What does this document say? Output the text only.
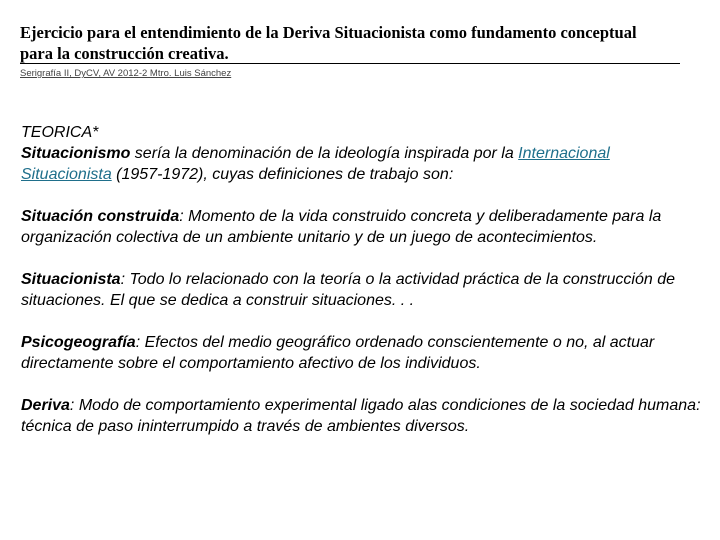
Ejercicio para el entendimiento de la Deriva Situacionista como fundamento conceptual
para la construcción creativa.
Serigrafía II, DyCV, AV 2012-2 Mtro. Luis Sánchez

TEORICA*
Situacionismo sería la denominación de la ideología inspirada por la Internacional Situacionista (1957-1972), cuyas definiciones de trabajo son:

Situación construida: Momento de la vida construido concreta y deliberadamente para la organización colectiva de un ambiente unitario y de un juego de acontecimientos.

Situacionista: Todo lo relacionado con la teoría o la actividad práctica de la construcción de situaciones. El que se dedica a construir situaciones. . .

Psicogeografía: Efectos del medio geográfico ordenado conscientemente o no, al actuar directamente sobre el comportamiento afectivo de los individuos.

Deriva: Modo de comportamiento experimental ligado alas condiciones de la sociedad humana: técnica de paso ininterrumpido a través de ambientes diversos.
